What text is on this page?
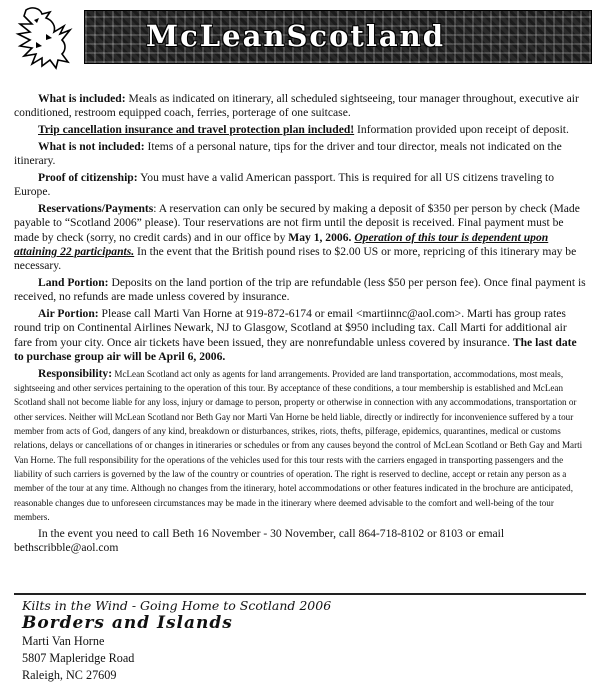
McLeanScotland

What is included: Meals as indicated on itinerary, all scheduled sightseeing, tour manager throughout, executive air conditioned, restroom equipped coach, ferries, porterage of one suitcase.

Trip cancellation insurance and travel protection plan included! Information provided upon receipt of deposit.

What is not included: Items of a personal nature, tips for the driver and tour director, meals not indicated on the itinerary.

Proof of citizenship: You must have a valid American passport. This is required for all US citizens traveling to Europe.

Reservations/Payments: A reservation can only be secured by making a deposit of $350 per person by check (Made payable to “Scotland 2006” please). Tour reservations are not firm until the deposit is received. Final payment must be made by check (sorry, no credit cards) and in our office by May 1, 2006. Operation of this tour is dependent upon attaining 22 participants. In the event that the British pound rises to $2.00 US or more, repricing of this itinerary may be necessary.

Land Portion: Deposits on the land portion of the trip are refundable (less $50 per person fee). Once final payment is received, no refunds are made unless covered by insurance.

Air Portion: Please call Marti Van Horne at 919-872-6174 or email <martiinnc@aol.com>. Marti has group rates round trip on Continental Airlines Newark, NJ to Glasgow, Scotland at $950 including tax. Call Marti for additional air fare from your city. Once air tickets have been issued, they are nonrefundable unless covered by insurance. The last date to purchase group air will be April 6, 2006.

Responsibility: McLean Scotland act only as agents for land arrangements. Provided are land transportation, accommodations, most meals, sightseeing and other services pertaining to the operation of this tour. By acceptance of these conditions, a tour membership is established and McLean Scotland shall not become liable for any loss, injury or damage to person, property or otherwise in connection with any accommodations, transportation or other services. Neither will McLean Scotland nor Beth Gay nor Marti Van Horne be held liable, directly or indirectly for inconvenience suffered by a tour member from acts of God, dangers of any kind, breakdown or disturbances, strikes, riots, thefts, pilferage, epidemics, quarantines, medical or customs relations, delays or cancellations of or changes in itineraries or schedules or from any causes beyond the control of McLean Scotland or Beth Gay and Marti Van Horne. The full responsibility for the operations of the vehicles used for this tour rests with the carriers engaged in transporting passengers and the liability of such carriers is governed by the law of the country or countries of operation. The right is reserved to decline, accept or retain any person as a member of the tour at any time. Although no changes from the itinerary, hotel accommodations or other features indicated in the brochure are anticipated, reasonable changes due to unforeseen circumstances may be made in the itinerary where deemed advisable to the comfort and well-being of the tour members.

In the event you need to call Beth 16 November - 30 November, call 864-718-8102 or 8103 or email bethscribble@aol.com

Kilts in the Wind - Going Home to Scotland 2006
Borders and Islands
Marti Van Horne
5807 Mapleridge Road
Raleigh, NC 27609
